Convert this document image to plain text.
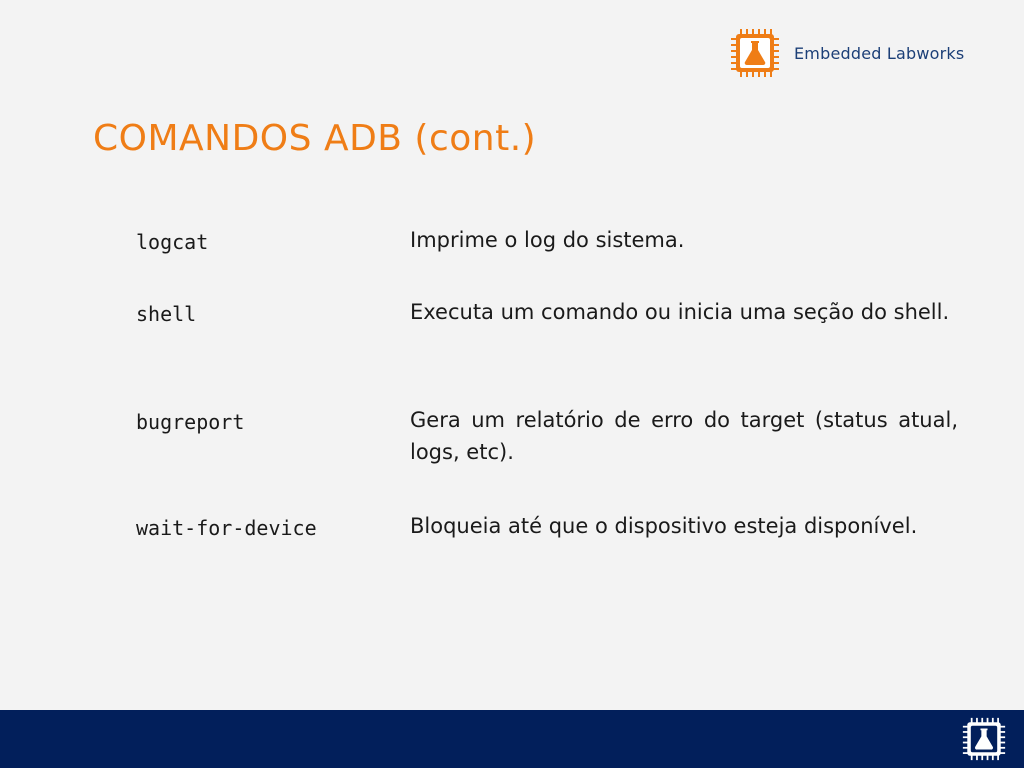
Embedded Labworks
COMANDOS ADB (cont.)
logcat	Imprime o log do sistema.
shell	Executa um comando ou inicia uma seção do shell.
bugreport	Gera um relatório de erro do target (status atual, logs, etc).
wait-for-device	Bloqueia até que o dispositivo esteja disponível.
